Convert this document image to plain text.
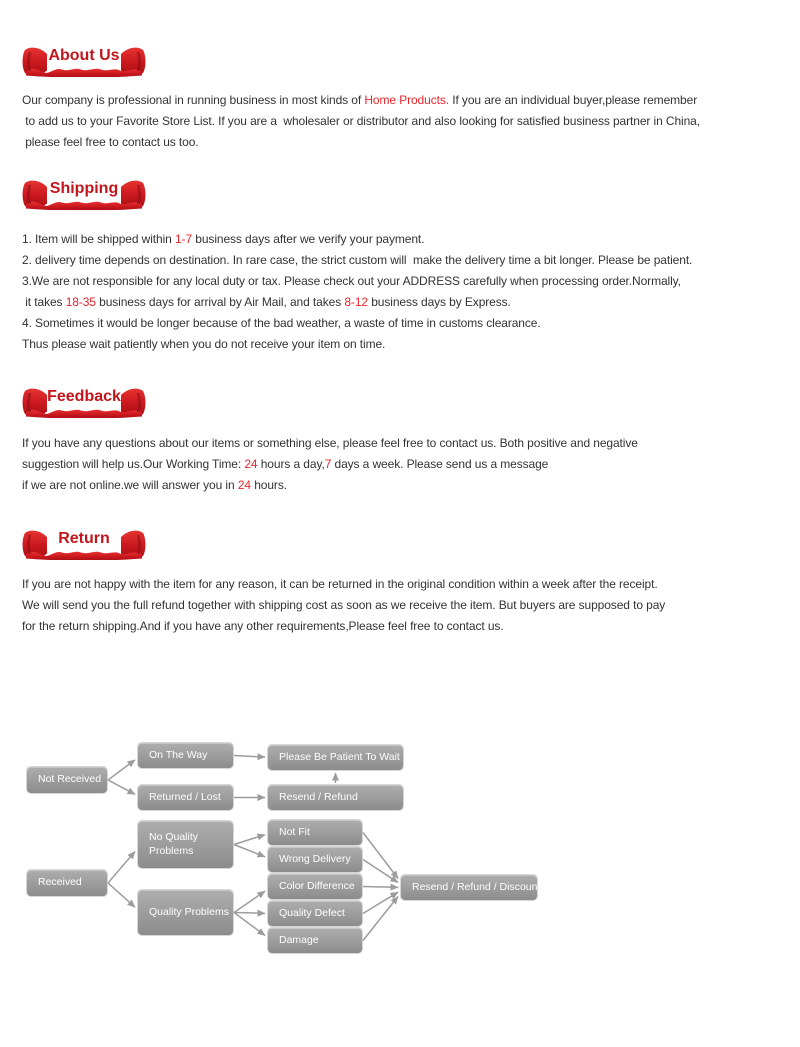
About Us
Shipping
Feedback
Return
Our company is professional in running business in most kinds of Home Products. If you are an individual buyer,please remember
to add us to your Favorite Store List. If you are a  wholesaler or distributor and also looking for satisfied business partner in China,
please feel free to contact us too.
1. Item will be shipped within 1-7 business days after we verify your payment.
2. delivery time depends on destination. In rare case, the strict custom will  make the delivery time a bit longer. Please be patient.
3.We are not responsible for any local duty or tax. Please check out your ADDRESS carefully when processing order.Normally,
it takes 18-35 business days for arrival by Air Mail, and takes 8-12 business days by Express.
4. Sometimes it would be longer because of the bad weather, a waste of time in customs clearance.
Thus please wait patiently when you do not receive your item on time.
If you have any questions about our items or something else, please feel free to contact us. Both positive and negative
suggestion will help us.Our Working Time: 24 hours a day,7 days a week. Please send us a message
if we are not online.we will answer you in 24 hours.
If you are not happy with the item for any reason, it can be returned in the original condition within a week after the receipt.
We will send you the full refund together with shipping cost as soon as we receive the item. But buyers are supposed to pay
for the return shipping.And if you have any other requirements,Please feel free to contact us.
Not Received
On The Way	Please Be Patient To Wait
Returned / Lost	Resend / Refund
No Quality Problems
Received
Quality Problems
Not Fit
Wrong Delivery
Color Difference
Quality Defect
Damage
Resend / Refund / Discount
